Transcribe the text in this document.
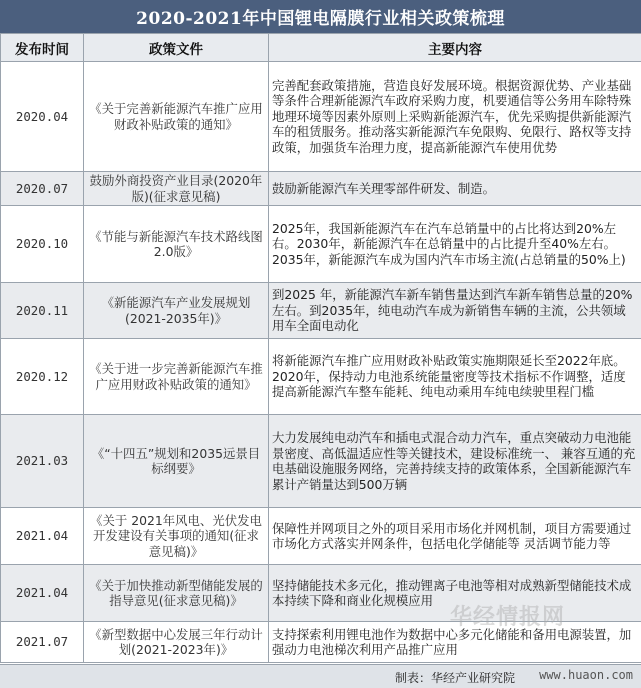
2020-2021年中国锂电隔膜行业相关政策梳理
发布时间	政策文件	主要内容
2020.04	《关于完善新能源汽车推广应用财政补贴政策的通知》	完善配套政策措施，营造良好发展环境。根据资源优势、产业基础等条件合理新能源汽车政府采购力度，机要通信等公务用车除特殊地理环境等因素外原则上采购新能源汽车，优先采购提供新能源汽车的租赁服务。推动落实新能源汽车免限购、免限行、路权等支持政策，加强货车治理力度，提高新能源汽车使用优势
2020.07	鼓励外商投资产业目录(2020年版)(征求意见稿)	鼓励新能源汽车关理零部件研发、制造。
2020.10	《节能与新能源汽车技术路线图2.0版》	2025年，我国新能源汽车在汽车总销量中的占比将达到20%左右。2030年，新能源汽车在总销量中的占比提升至40%左右。2035年，新能源汽车成为国内汽车市场主流(占总销量的50%上)
2020.11	《新能源汽车产业发展规划(2021-2035年)》	到2025 年，新能源汽车新车销售量达到汽车新车销售总量的20%左右。到2035年，纯电动汽车成为新销售车辆的主流，公共领域用车全面电动化
2020.12	《关于进一步完善新能源汽车推广应用财政补贴政策的通知》	将新能源汽车推广应用财政补贴政策实施期限延长至2022年底。2020年，保持动力电池系统能量密度等技术指标不作调整，适度提高新能源汽车整车能耗、纯电动乘用车纯电续驶里程门槛
2021.03	《“十四五”规划和2035远景目标纲要》	大力发展纯电动汽车和插电式混合动力汽车，重点突破动力电池能景密度、高低温适应性等关键技术，建设标准统一、 兼容互通的充电基础设施服务网络，完善持续支持的政策体系，全国新能源汽车累计产销量达到500万辆
2021.04	《关于 2021年风电、光伏发电开发建设有关事项的通知(征求意见稿)》	保障性并网项目之外的项目采用市场化并网机制，项目方需要通过市场化方式落实并网条件，包括电化学储能等 灵活调节能力等
2021.04	《关于加快推动新型储能发展的指导意见(征求意见稿)》	坚持储能技术多元化，推动锂离子电池等相对成熟新型储能技术成本持续下降和商业化规模应用
2021.07	《新型数据中心发展三年行动计划(2021-2023年)》	支持探索利用锂电池作为数据中心多元化储能和备用电源装置，加强动力电池梯次利用产品推广应用
华经情报网
制表：华经产业研究院 www.huaon.com
